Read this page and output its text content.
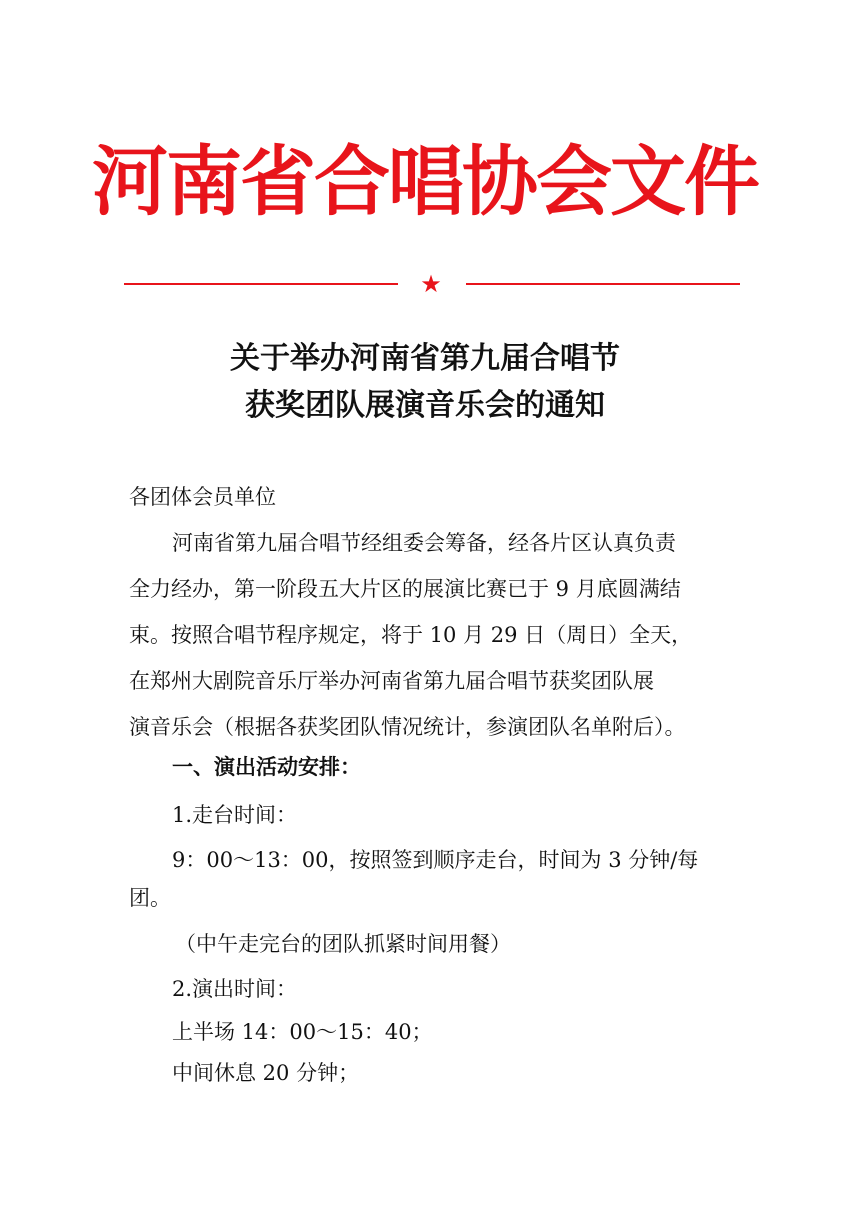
河南省合唱协会文件
★
关于举办河南省第九届合唱节
获奖团队展演音乐会的通知
各团体会员单位
河南省第九届合唱节经组委会筹备，经各片区认真负责
全力经办，第一阶段五大片区的展演比赛已于 9 月底圆满结
束。按照合唱节程序规定，将于 10 月 29 日（周日）全天，
在郑州大剧院音乐厅举办河南省第九届合唱节获奖团队展
演音乐会（根据各获奖团队情况统计，参演团队名单附后）。
一、演出活动安排：
1.走台时间：
9：00～13：00，按照签到顺序走台，时间为 3 分钟/每
团。
（中午走完台的团队抓紧时间用餐）
2.演出时间：
上半场 14：00～15：40；
中间休息 20 分钟；
